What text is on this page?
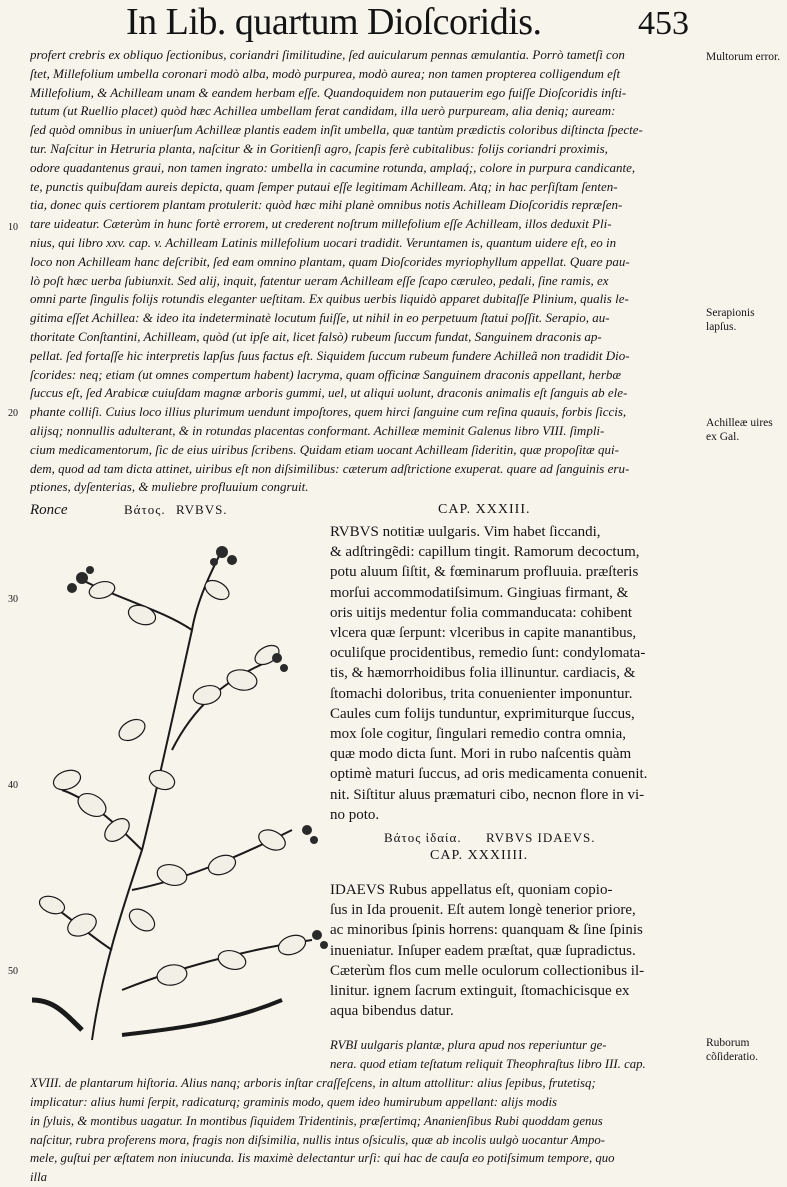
In Lib. quartum Dioſcoridis.	453
profert crebris ex obliquo ſectionibus, coriandri ſimilitudine, ſed auicularum pennas æmulantia. Porrò tametſi con
ſtet, Millefolium umbella coronari modò alba, modò purpurea, modò aurea; non tamen propterea colligendum eſt
Millefolium, & Achilleam unam & eandem herbam eſſe. Quandoquidem non putauerim ego fuiſſe Dioſcoridis inſti-
tutum (ut Ruellio placet) quòd hæc Achillea umbellam ferat candidam, illa uerò purpuream, alia deniq; auream:
ſed quòd omnibus in uniuerſum Achilleæ plantis eadem inſit umbella, quæ tantùm prædictis coloribus diſtincta ſpecte-
tur. Naſcitur in Hetruria planta, naſcitur & in Goritienſi agro, ſcapis ferè cubitalibus: folijs coriandri proximis,
odore quadantenus graui, non tamen ingrato: umbella in cacumine rotunda, amplaq́;, colore in purpura candicante,
te, punctis quibuſdam aureis depicta, quam ſemper putaui eſſe legitimam Achilleam. Atq; in hac perſiſtam ſenten-
tia, donec quis certiorem plantam protulerit: quòd hæc mihi planè omnibus notis Achilleam Dioſcoridis repræſen-
tare uideatur. Cæterùm in hunc fortè errorem, ut crederent noſtrum millefolium eſſe Achilleam, illos deduxit Pli-
nius, qui libro xxv. cap. v. Achilleam Latinis millefolium uocari tradidit. Veruntamen is, quantum uidere eſt, eo in
loco non Achilleam hanc deſcribit, ſed eam omnino plantam, quam Dioſcorides myriophyllum appellat. Quare pau-
lò poſt hæc uerba ſubiunxit. Sed alij, inquit, fatentur ueram Achilleam eſſe ſcapo cæruleo, pedali, ſine ramis, ex
omni parte ſingulis folijs rotundis eleganter ueſtitam. Ex quibus uerbis liquidò apparet dubitaſſe Plinium, qualis le-
gitima eſſet Achillea: & ideo ita indeterminatè locutum fuiſſe, ut nihil in eo perpetuum ſtatui poſſit. Serapio, au-
thoritate Conſtantini, Achilleam, quòd (ut ipſe ait, licet falsò) rubeum ſuccum fundat, Sanguinem draconis ap-
pellat. ſed fortaſſe hic interpretis lapſus ſuus factus eſt. Siquidem ſuccum rubeum fundere Achilleã non tradidit Dio-
ſcorides: neq; etiam (ut omnes compertum habent) lacryma, quam officinæ Sanguinem draconis appellant, herbæ
ſuccus eſt, ſed Arabicæ cuiuſdam magnæ arboris gummi, uel, ut aliqui uolunt, draconis animalis eſt ſanguis ab ele-
phante colliſi. Cuius loco illius plurimum uendunt impoſtores, quem hirci ſanguine cum reſina quauis, forbis ſiccis,
alijsq; nonnullis adulterant, & in rotundas placentas conformant. Achilleæ meminit Galenus libro VIII. ſimpli-
cium medicamentorum, ſic de eius uiribus ſcribens. Quidam etiam uocant Achilleam ſideritin, quæ propoſitæ qui-
dem, quod ad tam dicta attinet, uiribus eſt non diſsimilibus: cæterum adſtrictione exuperat. quare ad ſanguinis eru-
ptiones, dyſenterias, & muliebre profluuium congruit.
Multorum error.
Serapionis lapſus.
Achilleæ uires ex Gal.
Ruborum cõſideratio.
10
20
30
40
50
Ronce	Βάτος. RVBVS.	CAP. XXXIII.
RVBVS notitiæ uulgaris. Vim habet ſiccandi,
& adſtringẽdi: capillum tingit. Ramorum decoctum,
potu aluum ſiſtit, & fœminarum profluuia. præſteris
morſui accommodatiſsimum. Gingiuas firmant, &
oris uitijs medentur folia commanducata: cohibent
vlcera quæ ſerpunt: vlceribus in capite manantibus,
oculiſque procidentibus, remedio ſunt: condylomata-
tis, & hæmorrhoidibus folia illinuntur. cardiacis, &
ſtomachi doloribus, trita conuenienter imponuntur.
Caules cum folijs tunduntur, exprimiturque ſuccus,
mox ſole cogitur, ſingulari remedio contra omnia,
quæ modo dicta ſunt. Mori in rubo naſcentis quàm
optimè maturi ſuccus, ad oris medicamenta conuenit.
nit. Siſtitur aluus præmaturi cibo, necnon flore in vi-
no poto.
Βάτος ἰδαία. RVBVS IDAEVS.
CAP. XXXIIII.
IDAEVS Rubus appellatus eſt, quoniam copio-
ſus in Ida prouenit. Eſt autem longè tenerior priore,
ac minoribus ſpinis horrens: quanquam & ſine ſpinis
inueniatur. Inſuper eadem præſtat, quæ ſupradictus.
Cæterùm flos cum melle oculorum collectionibus il-
linitur. ignem ſacrum extinguit, ſtomachicisque ex
aqua bibendus datur.
RVBI uulgaris plantæ, plura apud nos reperiuntur ge-
nera. quod etiam teſtatum reliquit Theophraſtus libro III. cap.
XVIII. de plantarum hiſtoria. Alius nanq; arboris inſtar craſſeſcens, in altum attollitur: alius ſepibus, frutetisq;
implicatur: alius humi ſerpit, radicaturq; graminis modo, quem ideo humirubum appellant: alijs modis
in ſyluis, & montibus uagatur. In montibus ſiquidem Tridentinis, præſertimq; Ananienſibus Rubi quoddam genus
naſcitur, rubra proferens mora, fragis non diſsimilia, nullis intus oſsiculis, quæ ab incolis uulgò uocantur Ampo-
mele, guſtui per æſtatem non iniucunda. Iis maximè delectantur urſi: qui hac de cauſa eo potiſsimum tempore, quo
illa
